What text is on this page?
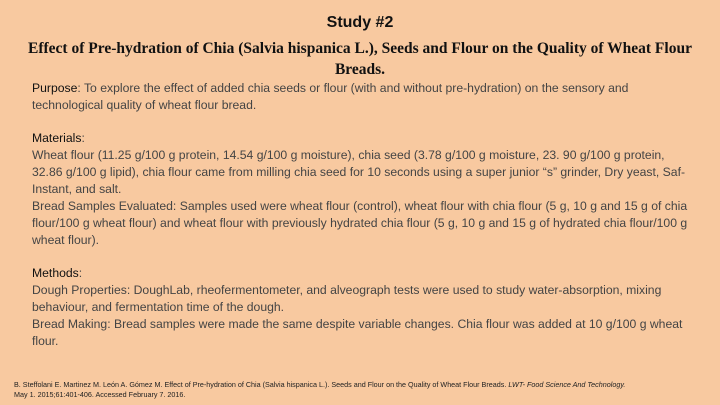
Study #2
Effect of Pre-hydration of Chia (Salvia hispanica L.), Seeds and Flour on the Quality of Wheat Flour Breads.

Purpose: To explore the effect of added chia seeds or flour (with and without pre-hydration) on the sensory and technological quality of wheat flour bread.

Materials:

Wheat flour (11.25 g/100 g protein, 14.54 g/100 g moisture), chia seed (3.78 g/100 g moisture, 23. 90 g/100 g protein, 32.86 g/100 g lipid), chia flour came from milling chia seed for 10 seconds using a super junior “s” grinder, Dry yeast, Saf-Instant, and salt.

Bread Samples Evaluated: Samples used were wheat flour (control), wheat flour with chia flour (5 g, 10 g and 15 g of chia flour/100 g wheat flour) and wheat flour with previously hydrated chia flour (5 g, 10 g and 15 g of hydrated chia flour/100 g wheat flour).

Methods:

Dough Properties: DoughLab, rheofermentometer, and alveograph tests were used to study water-absorption, mixing behaviour, and fermentation time of the dough.

Bread Making: Bread samples were made the same despite variable changes. Chia flour was added at 10 g/100 g wheat flour.

B. Steffolani E. Martinez M. León A. Gómez M. Effect of Pre-hydration of Chia (Salvia hispanica L.). Seeds and Flour on the Quality of Wheat Flour Breads. LWT- Food Science And Technology.
May 1. 2015;61:401-406. Accessed February 7. 2016.
